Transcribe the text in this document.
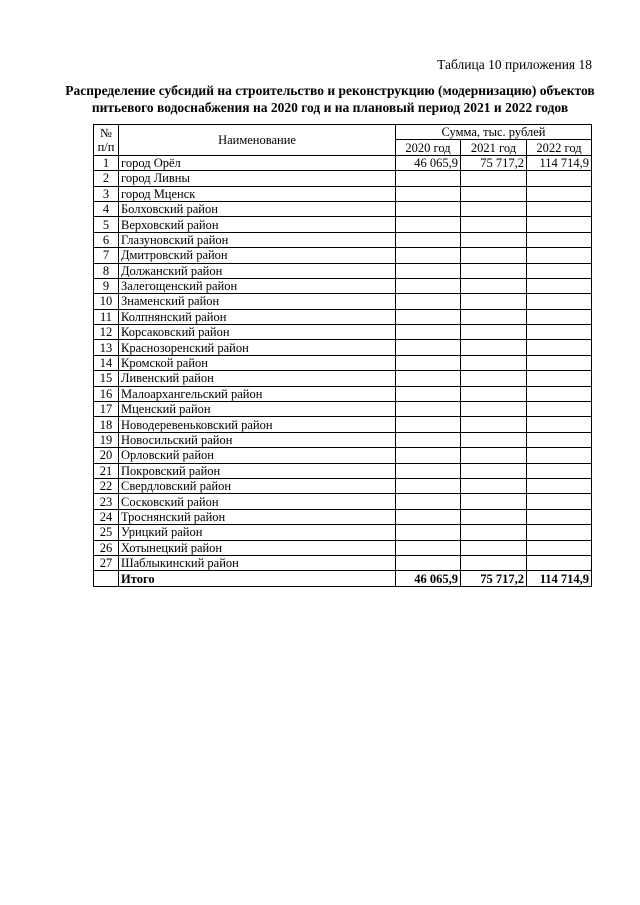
Таблица 10 приложения 18
Распределение субсидий на строительство и реконструкцию (модернизацию) объектов
питьевого водоснабжения на 2020 год и на плановый период 2021 и 2022 годов
№
п/п	Наименование	Сумма, тыс. рублей		
		2020 год	2021 год	2022 год
1	город Орёл	46 065,9	75 717,2	114 714,9
2	город Ливны			
3	город Мценск			
4	Болховский район			
5	Верховский район			
6	Глазуновский район			
7	Дмитровский район			
8	Должанский район			
9	Залегощенский район			
10	Знаменский район			
11	Колпнянский район			
12	Корсаковский район			
13	Краснозоренский район			
14	Кромской район			
15	Ливенский район			
16	Малоархангельский район			
17	Мценский район			
18	Новодеревеньковский район			
19	Новосильский район			
20	Орловский район			
21	Покровский район			
22	Свердловский район			
23	Сосковский район			
24	Троснянский район			
25	Урицкий район			
26	Хотынецкий район			
27	Шаблыкинский район			
	Итого	46 065,9	75 717,2	114 714,9
